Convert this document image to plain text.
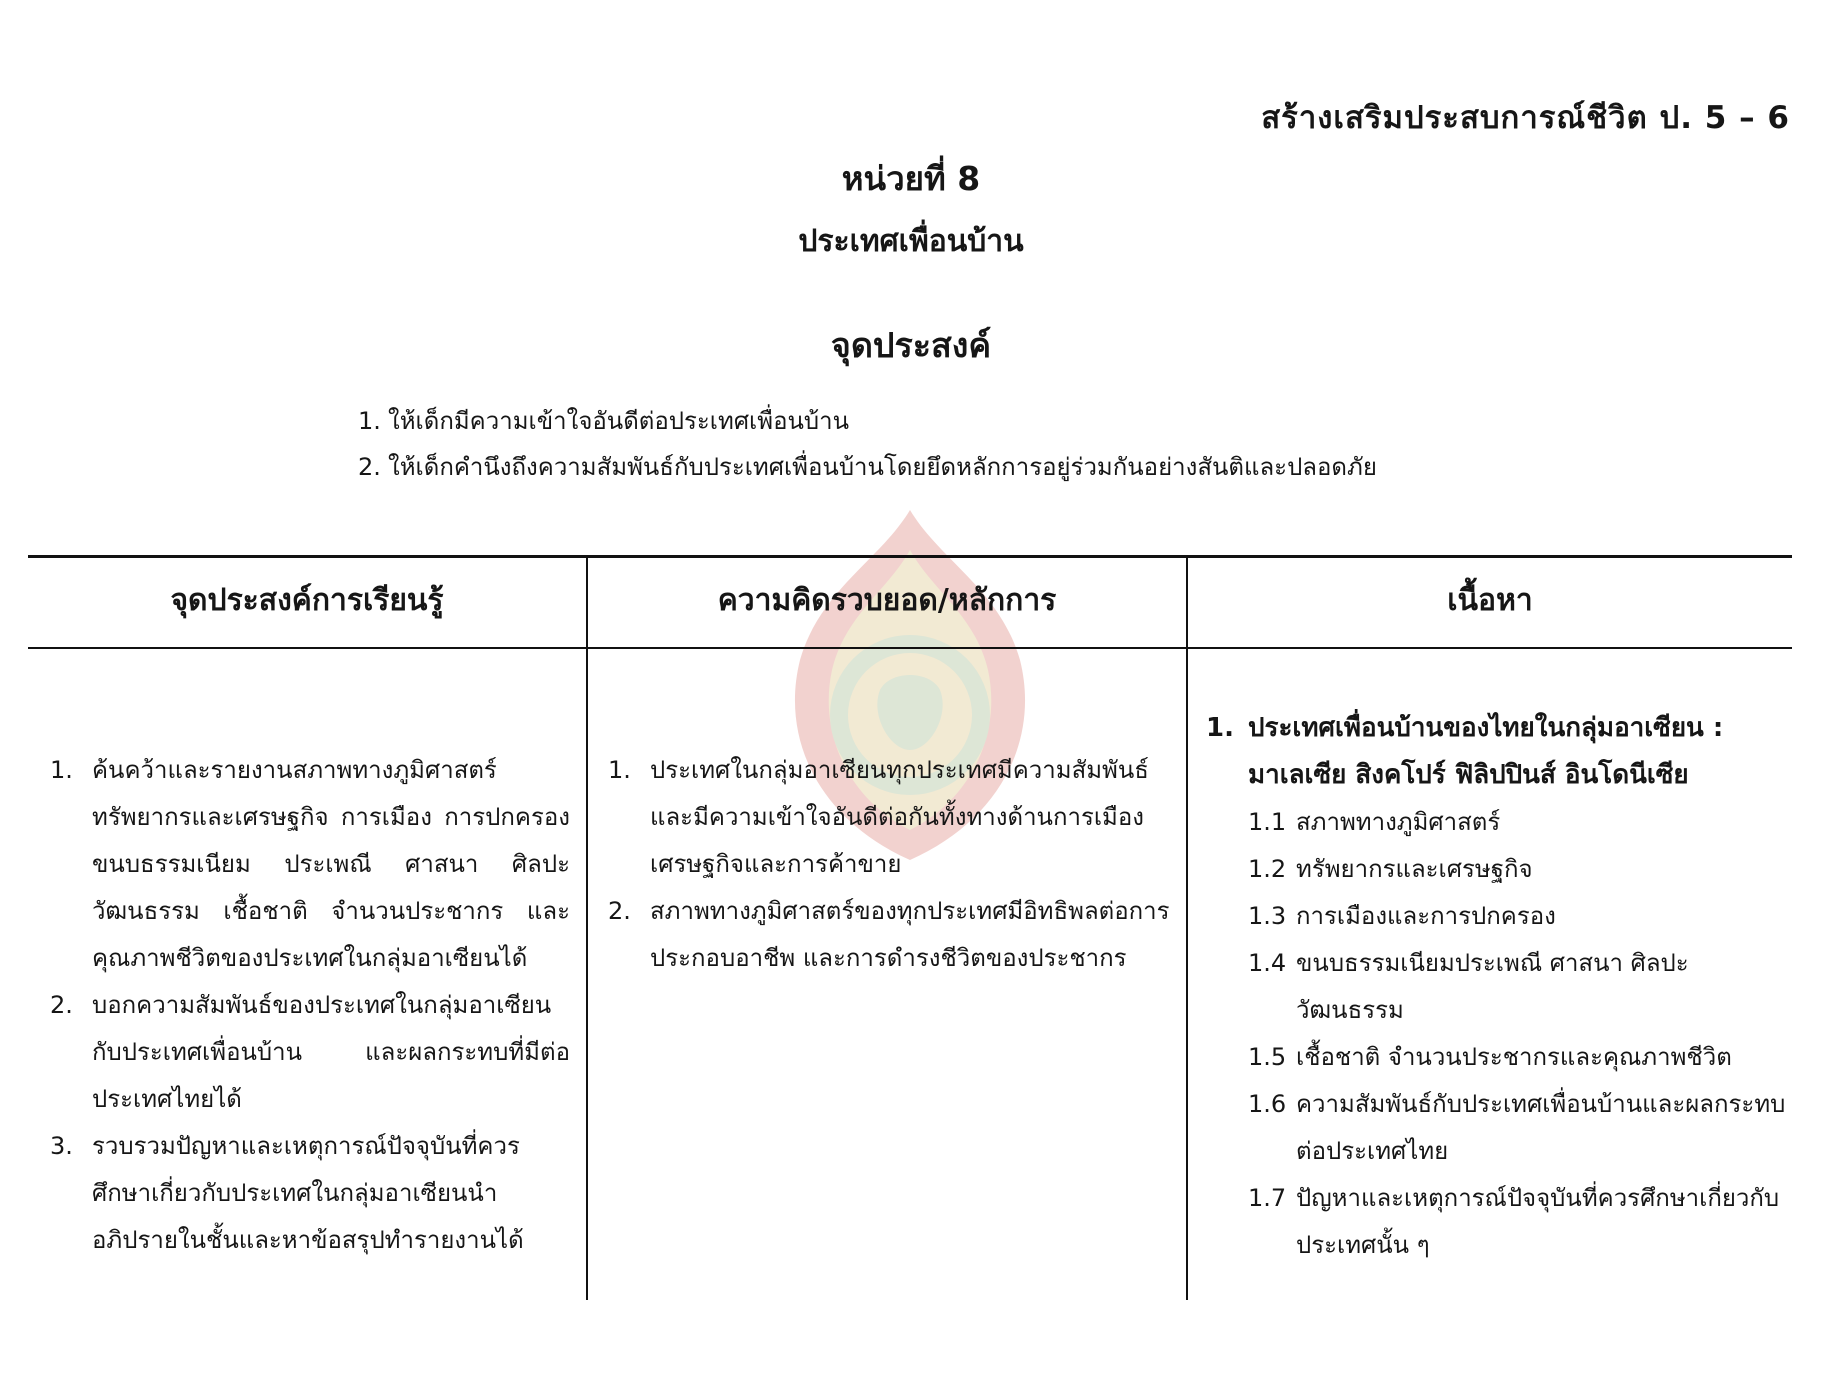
สร้างเสริมประสบการณ์ชีวิต ป. 5 – 6
หน่วยที่ 8
ประเทศเพื่อนบ้าน
จุดประสงค์
1. ให้เด็กมีความเข้าใจอันดีต่อประเทศเพื่อนบ้าน
2. ให้เด็กคำนึงถึงความสัมพันธ์กับประเทศเพื่อนบ้านโดยยึดหลักการอยู่ร่วมกันอย่างสันติและปลอดภัย
จุดประสงค์การเรียนรู้	ความคิดรวบยอด/หลักการ	เนื้อหา
1. ค้นคว้าและรายงานสภาพทางภูมิศาสตร์ ทรัพยากรและเศรษฐกิจ การเมือง การปกครอง ขนบธรรมเนียม ประเพณี ศาสนา ศิลปะ วัฒนธรรม เชื้อชาติ จำนวนประชากร และคุณภาพชีวิตของประเทศในกลุ่มอาเซียนได้
2. บอกความสัมพันธ์ของประเทศในกลุ่มอาเซียนกับประเทศเพื่อนบ้าน และผลกระทบที่มีต่อประเทศไทยได้
3. รวบรวมปัญหาและเหตุการณ์ปัจจุบันที่ควรศึกษาเกี่ยวกับประเทศในกลุ่มอาเซียนนำอภิปรายในชั้นและหาข้อสรุปทำรายงานได้
1. ประเทศในกลุ่มอาเซียนทุกประเทศมีความสัมพันธ์และมีความเข้าใจอันดีต่อกันทั้งทางด้านการเมือง เศรษฐกิจและการค้าขาย
2. สภาพทางภูมิศาสตร์ของทุกประเทศมีอิทธิพลต่อการประกอบอาชีพ และการดำรงชีวิตของประชากร
1. ประเทศเพื่อนบ้านของไทยในกลุ่มอาเซียน : มาเลเซีย สิงคโปร์ ฟิลิปปินส์ อินโดนีเซีย
1.1 สภาพทางภูมิศาสตร์
1.2 ทรัพยากรและเศรษฐกิจ
1.3 การเมืองและการปกครอง
1.4 ขนบธรรมเนียมประเพณี ศาสนา ศิลปะ วัฒนธรรม
1.5 เชื้อชาติ จำนวนประชากรและคุณภาพชีวิต
1.6 ความสัมพันธ์กับประเทศเพื่อนบ้านและผลกระทบต่อประเทศไทย
1.7 ปัญหาและเหตุการณ์ปัจจุบันที่ควรศึกษาเกี่ยวกับประเทศนั้น ๆ
